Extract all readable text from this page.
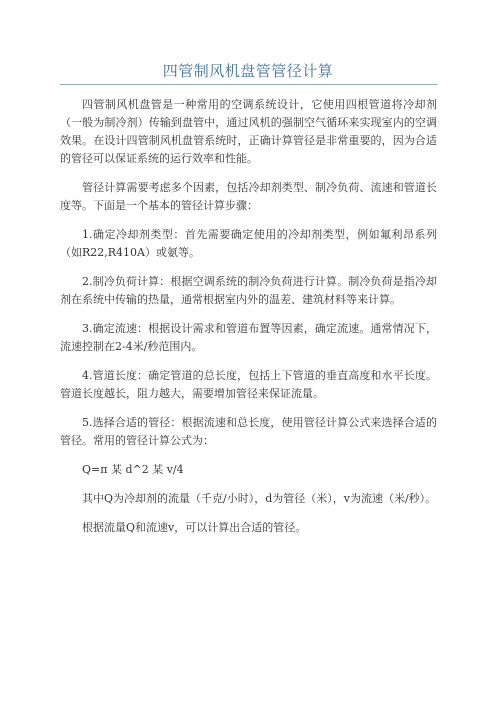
四管制风机盘管管径计算

四管制风机盘管是一种常用的空调系统设计，它使用四根管道将冷却剂（一般为制冷剂）传输到盘管中，通过风机的强制空气循环来实现室内的空调效果。在设计四管制风机盘管系统时，正确计算管径是非常重要的，因为合适的管径可以保证系统的运行效率和性能。

管径计算需要考虑多个因素，包括冷却剂类型、制冷负荷、流速和管道长度等。下面是一个基本的管径计算步骤：

1.确定冷却剂类型：首先需要确定使用的冷却剂类型，例如氟利昂系列（如R22,R410A）或氨等。

2.制冷负荷计算：根据空调系统的制冷负荷进行计算。制冷负荷是指冷却剂在系统中传输的热量，通常根据室内外的温差、建筑材料等来计算。

3.确定流速：根据设计需求和管道布置等因素，确定流速。通常情况下，流速控制在2-4米/秒范围内。

4.管道长度：确定管道的总长度，包括上下管道的垂直高度和水平长度。管道长度越长，阻力越大，需要增加管径来保证流量。

5.选择合适的管径：根据流速和总长度，使用管径计算公式来选择合适的管径。常用的管径计算公式为：

Q=π 某 d^2 某 v/4

其中Q为冷却剂的流量（千克/小时），d为管径（米），v为流速（米/秒）。

根据流量Q和流速v，可以计算出合适的管径。
